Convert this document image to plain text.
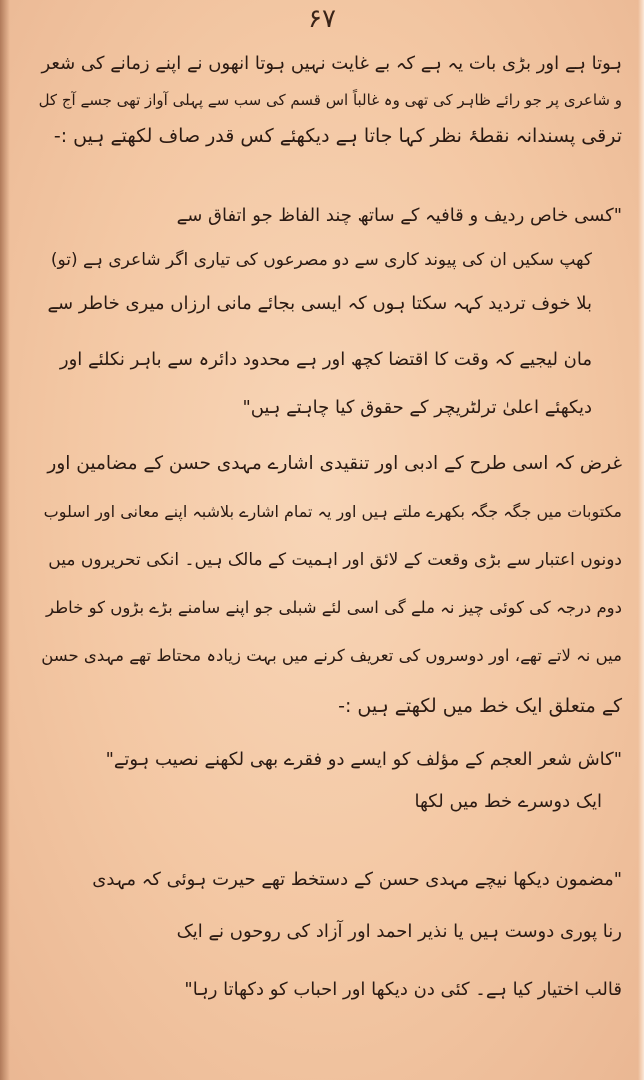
۶۷
ہوتا ہے اور بڑی بات یہ ہے کہ بے غایت نہیں ہوتا انھوں نے اپنے زمانے کی شعر
و شاعری پر جو رائے ظاہر کی تھی وہ غالباً اس قسم کی سب سے پہلی آواز تھی جسے آج کل
ترقی پسندانہ نقطۂ نظر کہا جاتا ہے دیکھئے کس قدر صاف لکھتے ہیں :-
"کسی خاص ردیف و قافیہ کے ساتھ چند الفاظ جو اتفاق سے
کھپ سکیں ان کی پیوند کاری سے دو مصرعوں کی تیاری اگر شاعری ہے (تو)
بلا خوف تردید کہہ سکتا ہوں کہ ایسی بجائے مانی ارزاں میری خاطر سے
مان لیجیے کہ وقت کا اقتضا کچھ اور ہے محدود دائرہ سے باہر نکلئے اور
دیکھئے اعلیٰ ترلٹریچر کے حقوق کیا چاہتے ہیں"
غرض کہ اسی طرح کے ادبی اور تنقیدی اشارے مہدی حسن کے مضامین اور
مکتوبات میں جگہ جگہ بکھرے ملتے ہیں اور یہ تمام اشارے بلاشبہ اپنے معانی اور اسلوب
دونوں اعتبار سے بڑی وقعت کے لائق اور اہمیت کے مالک ہیں۔ انکی تحریروں میں
دوم درجہ کی کوئی چیز نہ ملے گی اسی لئے شبلی جو اپنے سامنے بڑے بڑوں کو خاطر
میں نہ لاتے تھے، اور دوسروں کی تعریف کرنے میں بہت زیادہ محتاط تھے مہدی حسن
کے متعلق ایک خط میں لکھتے ہیں :-
"کاش شعر العجم کے مؤلف کو ایسے دو فقرے بھی لکھنے نصیب ہوتے"
ایک دوسرے خط میں لکھا
"مضمون دیکھا نیچے مہدی حسن کے دستخط تھے حیرت ہوئی کہ مہدی
رنا پوری دوست ہیں یا نذیر احمد اور آزاد کی روحوں نے ایک
قالب اختیار کیا ہے۔ کئی دن دیکھا اور احباب کو دکھاتا رہا"
